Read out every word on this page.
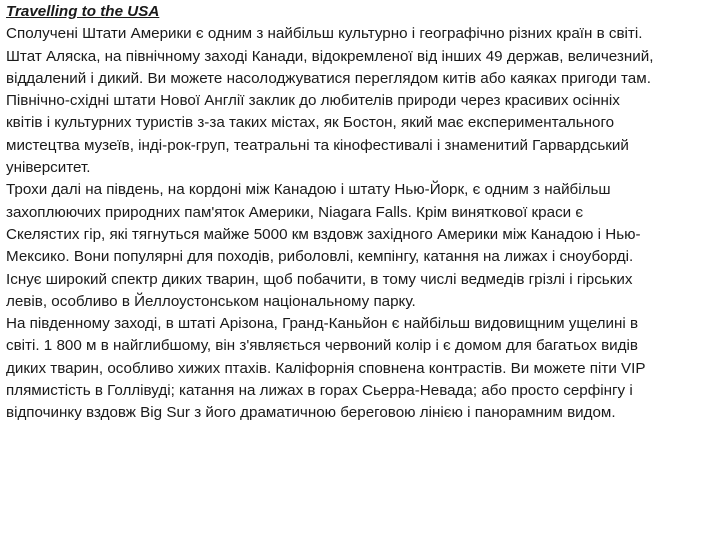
Travelling to the USA
Сполучені Штати Америки є одним з найбільш культурно і географічно різних країн в світі.
Штат Аляска, на північному заході Канади, відокремленої від інших 49 держав, величезний,
віддалений і дикий. Ви можете насолоджуватися переглядом китів або каяках пригоди там.
Північно-східні штати Нової Англії заклик до любителів природи через красивих осінніх
квітів і культурних туристів з-за таких містах, як Бостон, який має експериментального
мистецтва музеїв, інді-рок-груп, театральні та кінофестивалі і знаменитий Гарвардський
університет.
Трохи далі на південь, на кордоні між Канадою і штату Нью-Йорк, є одним з найбільш
захоплюючих природних пам'яток Америки, Niagara Falls. Крім виняткової краси є
Скелястих гір, які тягнуться майже 5000 км вздовж західного Америки між Канадою і Нью-
Мексико. Вони популярні для походів, риболовлі, кемпінгу, катання на лижах і сноуборді.
Існує широкий спектр диких тварин, щоб побачити, в тому числі ведмедів грізлі і гірських
левів, особливо в Йеллоустонськом національному парку.
На південному заході, в штаті Арізона, Гранд-Каньйон є найбільш видовищним ущелині в
світі. 1 800 м в найглибшому, він з'являється червоний колір і є домом для багатьох видів
диких тварин, особливо хижих птахів. Каліфорнія сповнена контрастів. Ви можете піти VIP
плямистість в Голлівуді; катання на лижах в горах Сьерра-Невада; або просто серфінгу і
відпочинку вздовж Big Sur з його драматичною береговою лінією і панорамним видом.
